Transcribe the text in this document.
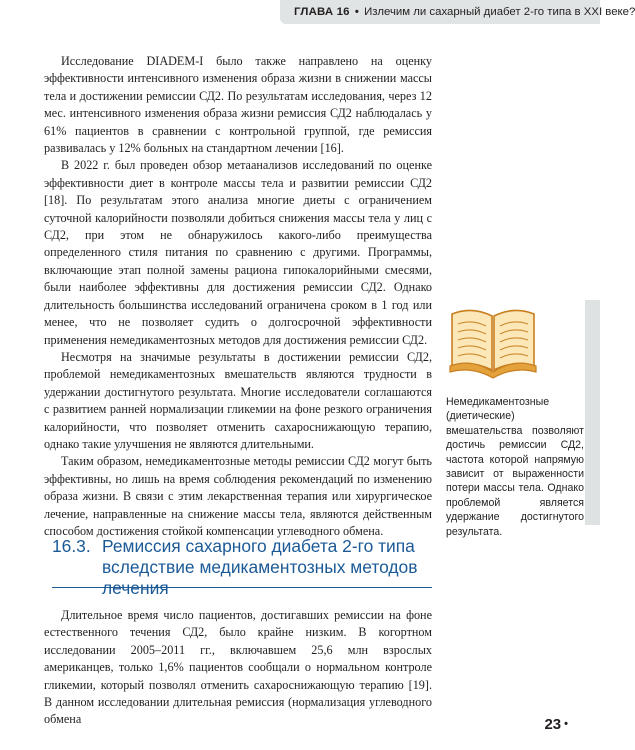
ГЛАВА 16 • Излечим ли сахарный диабет 2-го типа в XXI веке?

Исследование DIADEM-I было также направлено на оценку эффективности интенсивного изменения образа жизни в снижении массы тела и достижении ремиссии СД2. По результатам исследования, через 12 мес. интенсивного изменения образа жизни ремиссия СД2 наблюдалась у 61% пациентов в сравнении с контрольной группой, где ремиссия развивалась у 12% больных на стандартном лечении [16].

В 2022 г. был проведен обзор метаанализов исследований по оценке эффективности диет в контроле массы тела и развитии ремиссии СД2 [18]. По результатам этого анализа многие диеты с ограничением суточной калорийности позволяли добиться снижения массы тела у лиц с СД2, при этом не обнаружилось какого-либо преимущества определенного стиля питания по сравнению с другими. Программы, включающие этап полной замены рациона гипокалорийными смесями, были наиболее эффективны для достижения ремиссии СД2. Однако длительность большинства исследований ограничена сроком в 1 год или менее, что не позволяет судить о долгосрочной эффективности применения немедикаментозных методов для достижения ремиссии СД2.

Несмотря на значимые результаты в достижении ремиссии СД2, проблемой немедикаментозных вмешательств являются трудности в удержании достигнутого результата. Многие исследователи соглашаются с развитием ранней нормализации гликемии на фоне резкого ограничения калорийности, что позволяет отменить сахароснижающую терапию, однако такие улучшения не являются длительными.

Таким образом, немедикаментозные методы ремиссии СД2 могут быть эффективны, но лишь на время соблюдения рекомендаций по изменению образа жизни. В связи с этим лекарственная терапия или хирургическое лечение, направленные на снижение массы тела, являются действенным способом достижения стойкой компенсации углеводного обмена.

16.3. Ремиссия сахарного диабета 2-го типа вследствие медикаментозных методов лечения

Длительное время число пациентов, достигавших ремиссии на фоне естественного течения СД2, было крайне низким. В когортном исследовании 2005–2011 гг., включавшем 25,6 млн взрослых американцев, только 1,6% пациентов сообщали о нормальном контроле гликемии, который позволял отменить сахароснижающую терапию [19]. В данном исследовании длительная ремиссия (нормализация углеводного обмена

Немедикаментозные (диетические) вмешательства позволяют достичь ремиссии СД2, частота которой напрямую зависит от выраженности потери массы тела. Однако проблемой является удержание достигнутого результата.
23 •
